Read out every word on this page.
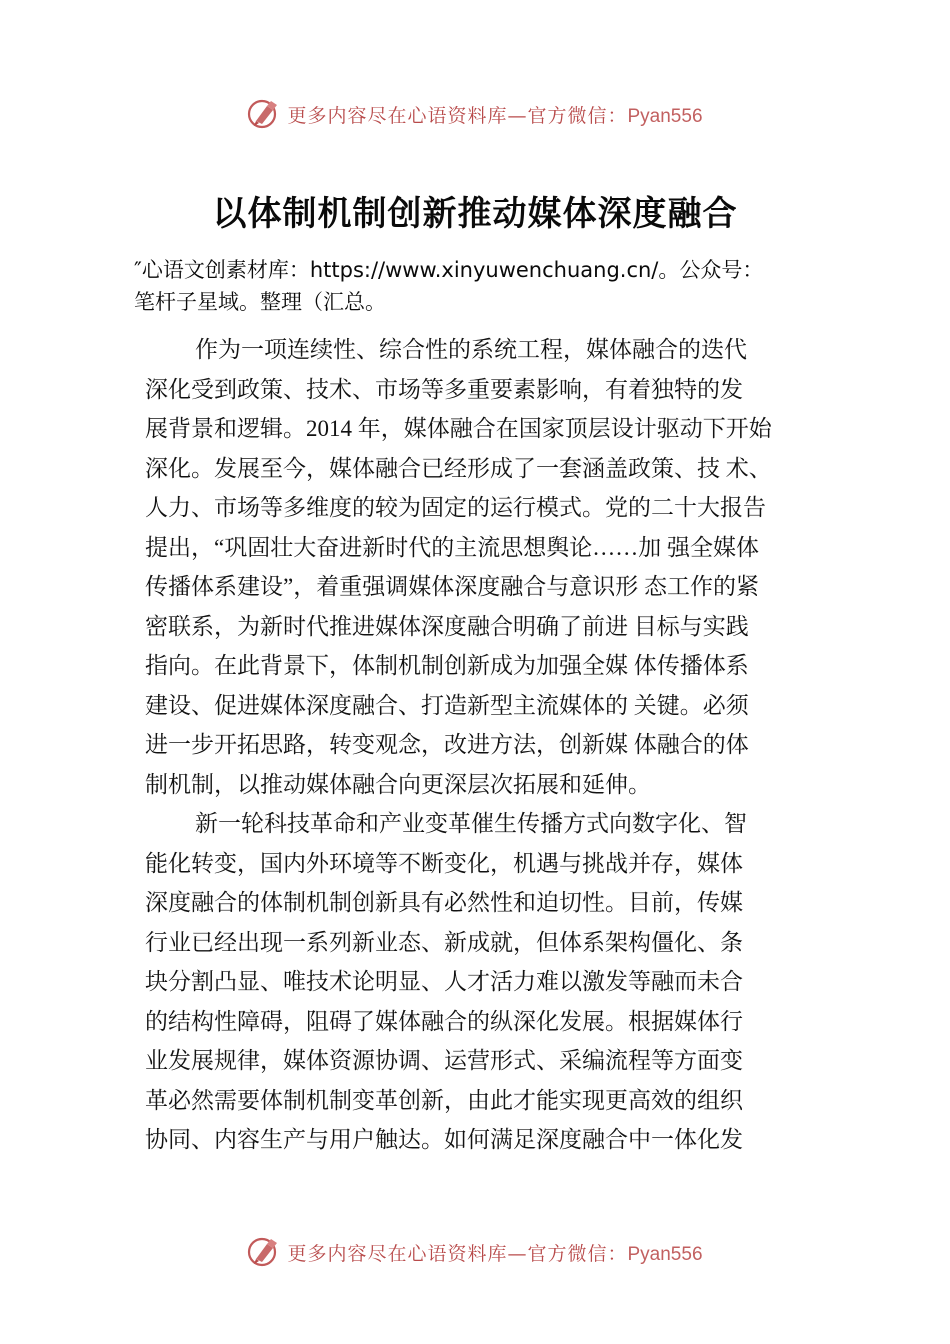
更多内容尽在心语资料库—官方微信：Pyan556
以体制机制创新推动媒体深度融合
″心语文创素材库：https://www.xinyuwenchuang.cn/。公众号：
笔杆子星域。整理（汇总。
作为一项连续性、综合性的系统工程，媒体融合的迭代
深化受到政策、技术、市场等多重要素影响，有着独特的发
展背景和逻辑。2014 年，媒体融合在国家顶层设计驱动下开始
深化。发展至今，媒体融合已经形成了一套涵盖政策、技 术、
人力、市场等多维度的较为固定的运行模式。党的二十大报告
提出，“巩固壮大奋进新时代的主流思想舆论……加 强全媒体
传播体系建设”，着重强调媒体深度融合与意识形 态工作的紧
密联系，为新时代推进媒体深度融合明确了前进 目标与实践
指向。在此背景下，体制机制创新成为加强全媒 体传播体系
建设、促进媒体深度融合、打造新型主流媒体的 关键。必须
进一步开拓思路，转变观念，改进方法，创新媒 体融合的体
制机制，以推动媒体融合向更深层次拓展和延伸。
新一轮科技革命和产业变革催生传播方式向数字化、智
能化转变，国内外环境等不断变化，机遇与挑战并存，媒体
深度融合的体制机制创新具有必然性和迫切性。目前，传媒
行业已经出现一系列新业态、新成就，但体系架构僵化、条
块分割凸显、唯技术论明显、人才活力难以激发等融而未合
的结构性障碍，阻碍了媒体融合的纵深化发展。根据媒体行
业发展规律，媒体资源协调、运营形式、采编流程等方面变
革必然需要体制机制变革创新，由此才能实现更高效的组织
协同、内容生产与用户触达。如何满足深度融合中一体化发
更多内容尽在心语资料库—官方微信：Pyan556
